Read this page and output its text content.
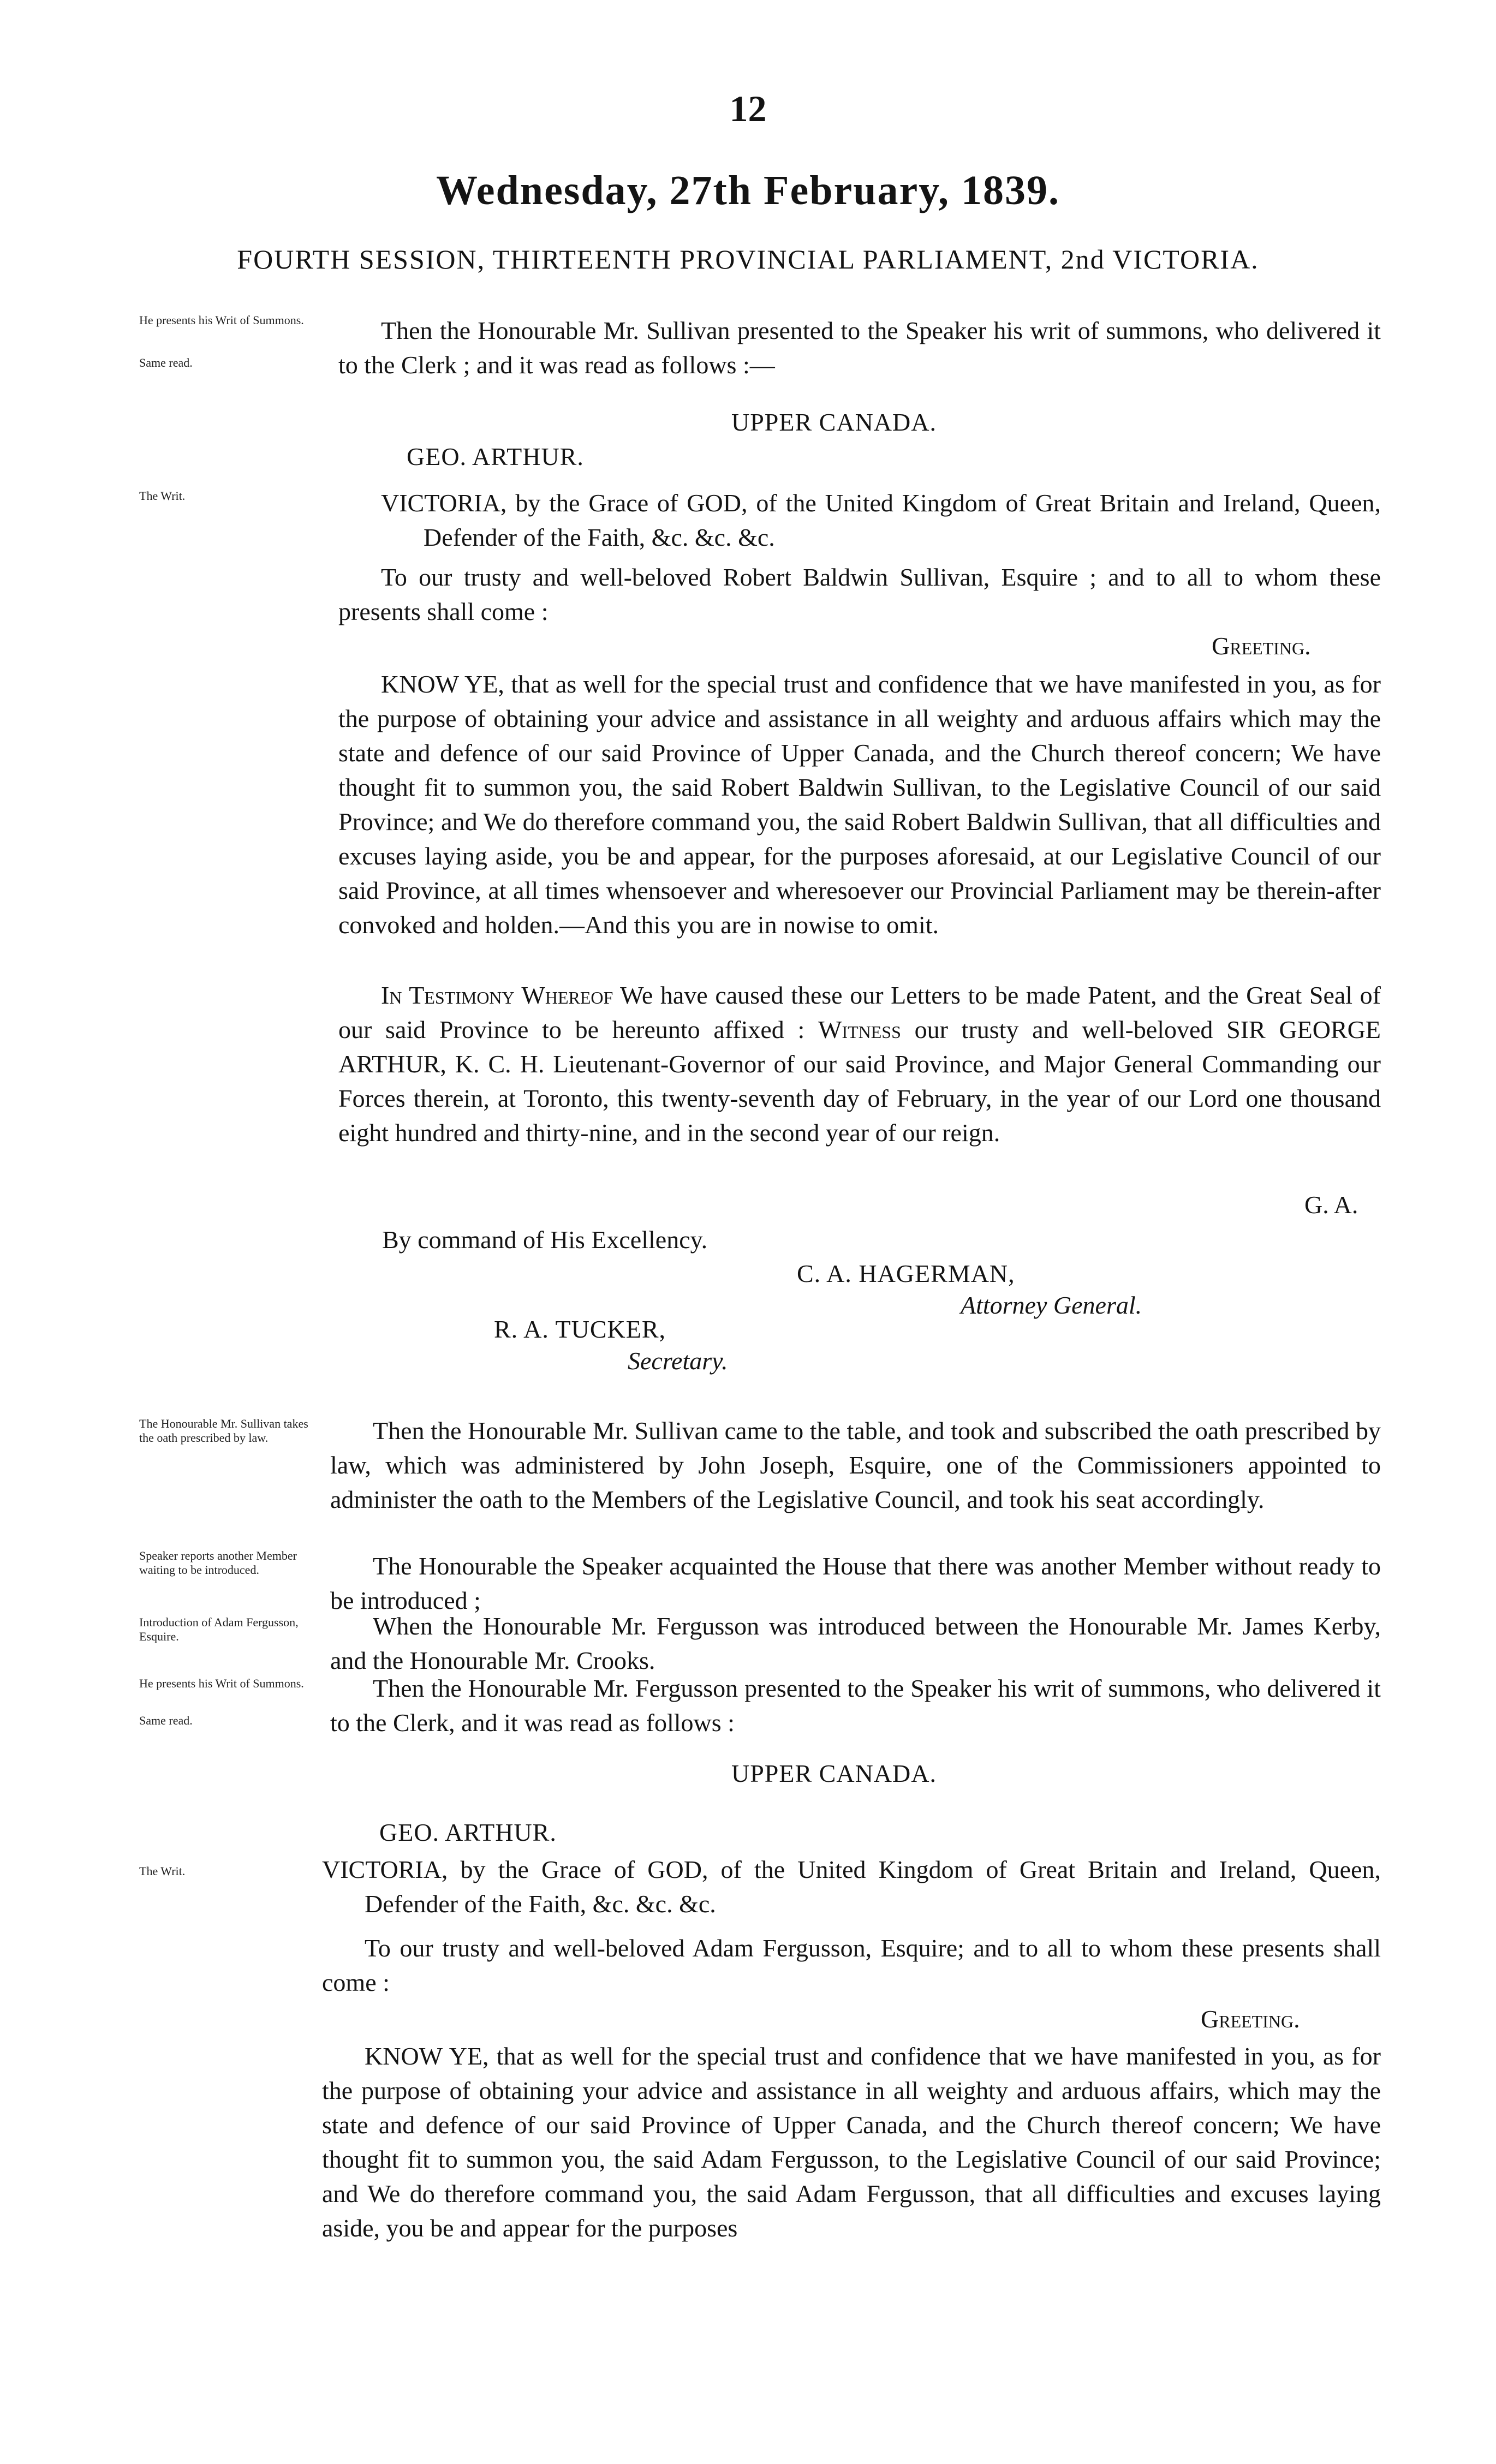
12
Wednesday, 27th February, 1839.
FOURTH SESSION, THIRTEENTH PROVINCIAL PARLIAMENT, 2nd VICTORIA.
He presents his Writ of Summons.
Same read.
The Writ.
Then the Honourable Mr. Sullivan presented to the Speaker his writ of summons, who delivered it to the Clerk ; and it was read as follows :—
UPPER CANADA.
GEO. ARTHUR.
VICTORIA, by the Grace of GOD, of the United Kingdom of Great Britain and Ireland, Queen, Defender of the Faith, &c. &c. &c.
To our trusty and well-beloved Robert Baldwin Sullivan, Esquire ; and to all to whom these presents shall come :
Greeting.
KNOW YE, that as well for the special trust and confidence that we have manifested in you, as for the purpose of obtaining your advice and assistance in all weighty and arduous affairs which may the state and defence of our said Province of Upper Canada, and the Church thereof concern; We have thought fit to summon you, the said Robert Baldwin Sullivan, to the Legislative Council of our said Province; and We do therefore command you, the said Robert Baldwin Sullivan, that all difficulties and excuses laying aside, you be and appear, for the purposes aforesaid, at our Legislative Council of our said Province, at all times whensoever and wheresoever our Provincial Parliament may be therein-after convoked and holden.—And this you are in nowise to omit.
In Testimony Whereof We have caused these our Letters to be made Patent, and the Great Seal of our said Province to be hereunto affixed : Witness our trusty and well-beloved SIR GEORGE ARTHUR, K. C. H. Lieutenant-Governor of our said Province, and Major General Commanding our Forces therein, at Toronto, this twenty-seventh day of February, in the year of our Lord one thousand eight hundred and thirty-nine, and in the second year of our reign.
G. A.
By command of His Excellency.
C. A. HAGERMAN,
Attorney General.
R. A. TUCKER,
Secretary.
The Honourable Mr. Sullivan takes the oath prescribed by law.	Then the Honourable Mr. Sullivan came to the table, and took and subscribed the oath prescribed by law, which was administered by John Joseph, Esquire, one of the Commissioners appointed to administer the oath to the Members of the Legislative Council, and took his seat accordingly.
Speaker reports another Member waiting to be introduced.	The Honourable the Speaker acquainted the House that there was another Member without ready to be introduced ;
Introduction of Adam Fergusson, Esquire.	When the Honourable Mr. Fergusson was introduced between the Honourable Mr. James Kerby, and the Honourable Mr. Crooks.
He presents his Writ of Summons.
Same read.
Then the Honourable Mr. Fergusson presented to the Speaker his writ of summons, who delivered it to the Clerk, and it was read as follows :
UPPER CANADA.
GEO. ARTHUR.
The Writ.	VICTORIA, by the Grace of GOD, of the United Kingdom of Great Britain and Ireland, Queen, Defender of the Faith, &c. &c. &c.
To our trusty and well-beloved Adam Fergusson, Esquire; and to all to whom these presents shall come :
Greeting.
KNOW YE, that as well for the special trust and confidence that we have manifested in you, as for the purpose of obtaining your advice and assistance in all weighty and arduous affairs, which may the state and defence of our said Province of Upper Canada, and the Church thereof concern; We have thought fit to summon you, the said Adam Fergusson, to the Legislative Council of our said Province; and We do therefore command you, the said Adam Fergusson, that all difficulties and excuses laying aside, you be and appear for the purposes
